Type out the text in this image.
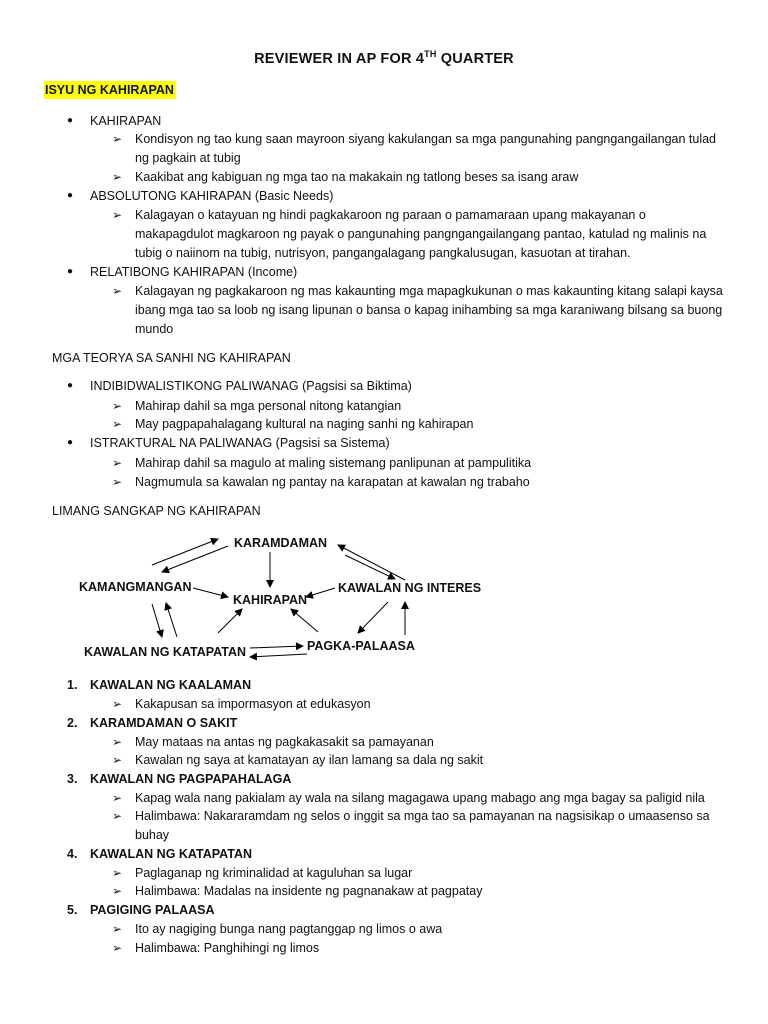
REVIEWER IN AP FOR 4TH QUARTER
ISYU NG KAHIRAPAN
● KAHIRAPAN
➢ Kondisyon ng tao kung saan mayroon siyang kakulangan sa mga pangunahing pangngangailangan tulad
ng pagkain at tubig
➢ Kaakibat ang kabiguan ng mga tao na makakain ng tatlong beses sa isang araw
● ABSOLUTONG KAHIRAPAN (Basic Needs)
➢ Kalagayan o katayuan ng hindi pagkakaroon ng paraan o pamamaraan upang makayanan o
makapagdulot magkaroon ng payak o pangunahing pangngangailangang pantao, katulad ng malinis na
tubig o naiinom na tubig, nutrisyon, pangangalagang pangkalusugan, kasuotan at tirahan.
● RELATIBONG KAHIRAPAN (Income)
➢ Kalagayan ng pagkakaroon ng mas kakaunting mga mapagkukunan o mas kakaunting kitang salapi kaysa
ibang mga tao sa loob ng isang lipunan o bansa o kapag inihambing sa mga karaniwang bilsang sa buong
mundo
MGA TEORYA SA SANHI NG KAHIRAPAN
● INDIBIDWALISTIKONG PALIWANAG (Pagsisi sa Biktima)
➢ Mahirap dahil sa mga personal nitong katangian
➢ May pagpapahalagang kultural na naging sanhi ng kahirapan
● ISTRAKTURAL NA PALIWANAG (Pagsisi sa Sistema)
➢ Mahirap dahil sa magulo at maling sistemang panlipunan at pampulitika
➢ Nagmumula sa kawalan ng pantay na karapatan at kawalan ng trabaho
LIMANG SANGKAP NG KAHIRAPAN
1. KAWALAN NG KAALAMAN
➢ Kakapusan sa impormasyon at edukasyon
2. KARAMDAMAN O SAKIT
➢ May mataas na antas ng pagkakasakit sa pamayanan
➢ Kawalan ng saya at kamatayan ay ilan lamang sa dala ng sakit
3. KAWALAN NG PAGPAPAHALAGA
➢ Kapag wala nang pakialam ay wala na silang magagawa upang mabago ang mga bagay sa paligid nila
➢ Halimbawa: Nakararamdam ng selos o inggit sa mga tao sa pamayanan na nagsisikap o umaasenso sa
buhay
4. KAWALAN NG KATAPATAN
➢ Paglaganap ng kriminalidad at kaguluhan sa lugar
➢ Halimbawa: Madalas na insidente ng pagnanakaw at pagpatay
5. PAGIGING PALAASA
➢ Ito ay nagiging bunga nang pagtanggap ng limos o awa
➢ Halimbawa: Panghihingi ng limos
KARAMDAMAN
KAMANGMANGAN
KAHIRAPAN
KAWALAN NG INTERES
KAWALAN NG KATAPATAN	PAGKA-PALAASA
